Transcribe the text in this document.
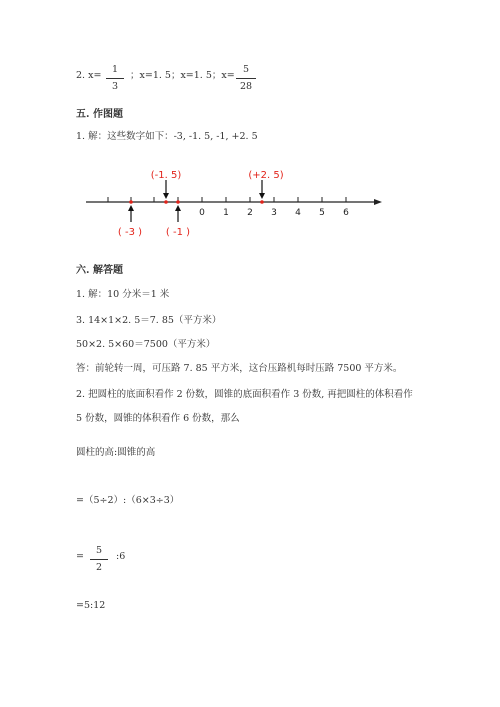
2. x=
1
3
；x=1. 5；x=1. 5；x=
5
28
五. 作图题
1. 解：这些数字如下：-3, -1. 5, -1, +2. 5
0 1 2 3 4 5 6
(-1. 5)	(+2. 5)
( -3 ) ( -1 )
六. 解答题
1. 解：10 分米＝1 米
3. 14×1×2. 5＝7. 85（平方米）
50×2. 5×60＝7500（平方米）
答：前轮转一周，可压路 7. 85 平方米，这台压路机每时压路 7500 平方米。
2. 把圆柱的底面积看作 2 份数，圆锥的底面积看作 3 份数, 再把圆柱的体积看作
5 份数，圆锥的体积看作 6 份数，那么
圆柱的高:圆锥的高
=（5÷2）:（6×3÷3）
=
5
2
:6
=5:12
